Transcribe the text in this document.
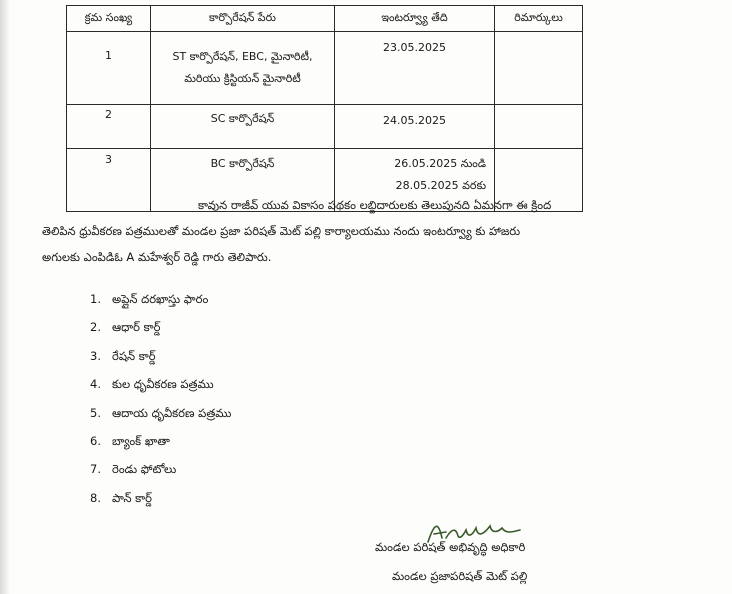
క్రమ సంఖ్య	కార్పొరేషన్ పేరు	ఇంటర్వ్యూ తేది	రిమార్కులు
1	ST కార్పొరేషన్, EBC, మైనారిటీ,
మరియు క్రిస్టియన్ మైనారిటీ	23.05.2025	
2	SC కార్పొరేషన్	24.05.2025	
3	BC కార్పొరేషన్	26.05.2025 నుండి
28.05.2025 వరకు	

కావున రాజీవ్ యువ వికాసం పథకం లబ్దిదారులకు తెలుపునది ఏమనగా ఈ క్రింద
తెలిపిన ధ్రువీకరణ పత్రములతో మండల ప్రజా పరిషత్ మెట్ పల్లి కార్యాలయము నందు ఇంటర్వ్యూ కు హాజరు
అగులకు ఎంపిడిఓ A మహేశ్వర్ రెడ్డి గారు తెలిపారు.
1. అప్లైన్ దరఖాస్తు ఫారం
2. ఆధార్ కార్డ్
3. రేషన్ కార్డ్
4. కుల ధృవీకరణ పత్రము
5. ఆదాయ ధృవీకరణ పత్రము
6. బ్యాంక్ ఖాతా
7. రెండు ఫోటోలు
8. పాన్ కార్డ్
మండల పరిషత్ అభివృద్ధి అధికారి
మండల ప్రజాపరిషత్ మెట్ పల్లి
